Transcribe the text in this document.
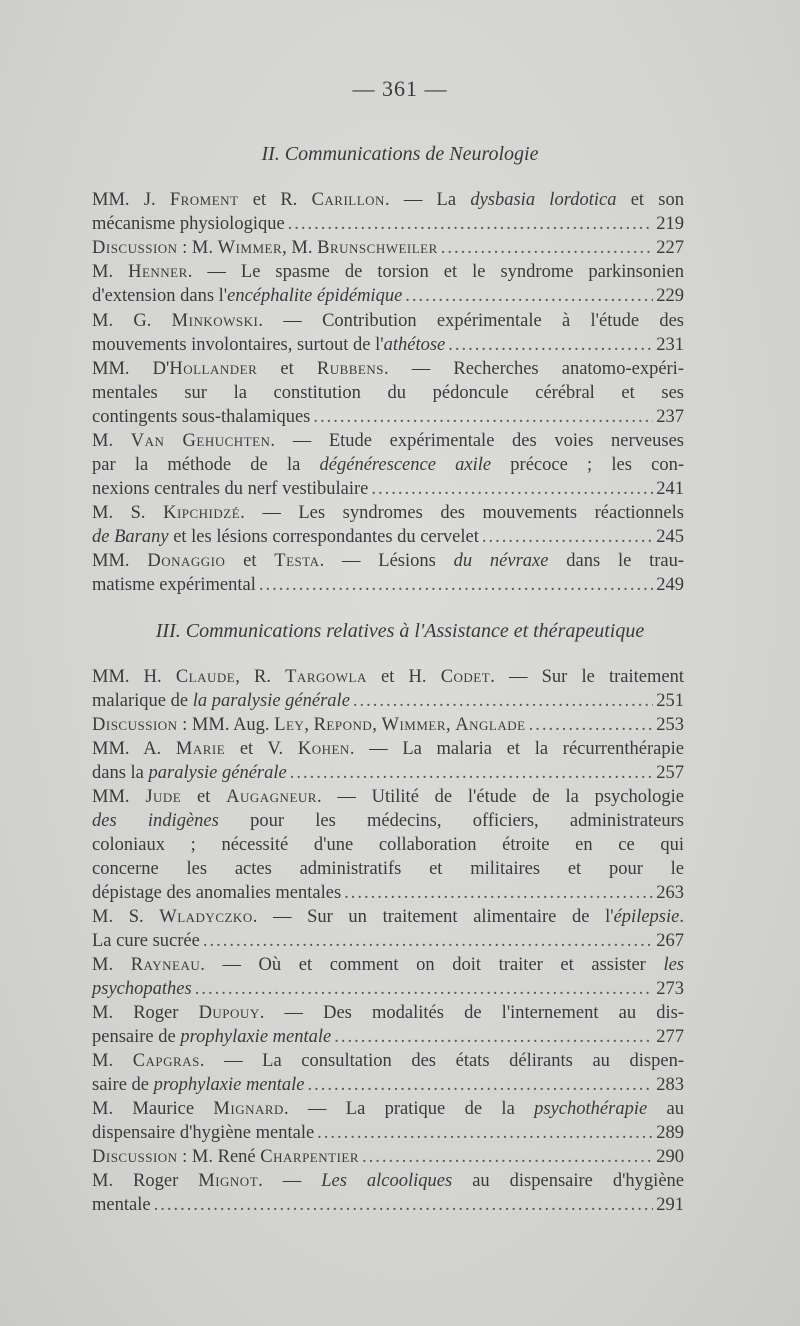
— 361 —
II. Communications de Neurologie
MM. J. Froment et R. Carillon. — La dysbasia lordotica et son
mécanisme physiologique .....	219
Discussion : M. Wimmer, M. Brunschweiler .....	227
M. Henner. — Le spasme de torsion et le syndrome parkinsonien
d'extension dans l'encéphalite épidémique .....	229
M. G. Minkowski. — Contribution expérimentale à l'étude des
mouvements involontaires, surtout de l'athétose .....	231
MM. D'Hollander et Rubbens. — Recherches anatomo-expéri-
mentales sur la constitution du pédoncule cérébral et ses
contingents sous-thalamiques .....	237
M. Van Gehuchten. — Etude expérimentale des voies nerveuses
par la méthode de la dégénérescence axile précoce ; les con-
nexions centrales du nerf vestibulaire .....	241
M. S. Kipchidzé. — Les syndromes des mouvements réactionnels
de Barany et les lésions correspondantes du cervelet .....	245
MM. Donaggio et Testa. — Lésions du névraxe dans le trau-
matisme expérimental .....	249
III. Communications relatives à l'Assistance et thérapeutique
MM. H. Claude, R. Targowla et H. Codet. — Sur le traitement
malarique de la paralysie générale .....	251
Discussion : MM. Aug. Ley, Repond, Wimmer, Anglade .....	253
MM. A. Marie et V. Kohen. — La malaria et la récurrenthérapie
dans la paralysie générale .....	257
MM. Jude et Augagneur. — Utilité de l'étude de la psychologie
des indigènes pour les médecins, officiers, administrateurs
coloniaux ; nécessité d'une collaboration étroite en ce qui
concerne les actes administratifs et militaires et pour le
dépistage des anomalies mentales .....	263
M. S. Wladyczko. — Sur un traitement alimentaire de l'épilepsie.
La cure sucrée .....	267
M. Rayneau. — Où et comment on doit traiter et assister les
psychopathes .....	273
M. Roger Dupouy. — Des modalités de l'internement au dis-
pensaire de prophylaxie mentale .....	277
M. Capgras. — La consultation des états délirants au dispen-
saire de prophylaxie mentale .....	283
M. Maurice Mignard. — La pratique de la psychothérapie au
dispensaire d'hygiène mentale .....	289
Discussion : M. René Charpentier .....	290
M. Roger Mignot. — Les alcooliques au dispensaire d'hygiène
mentale .....	291
